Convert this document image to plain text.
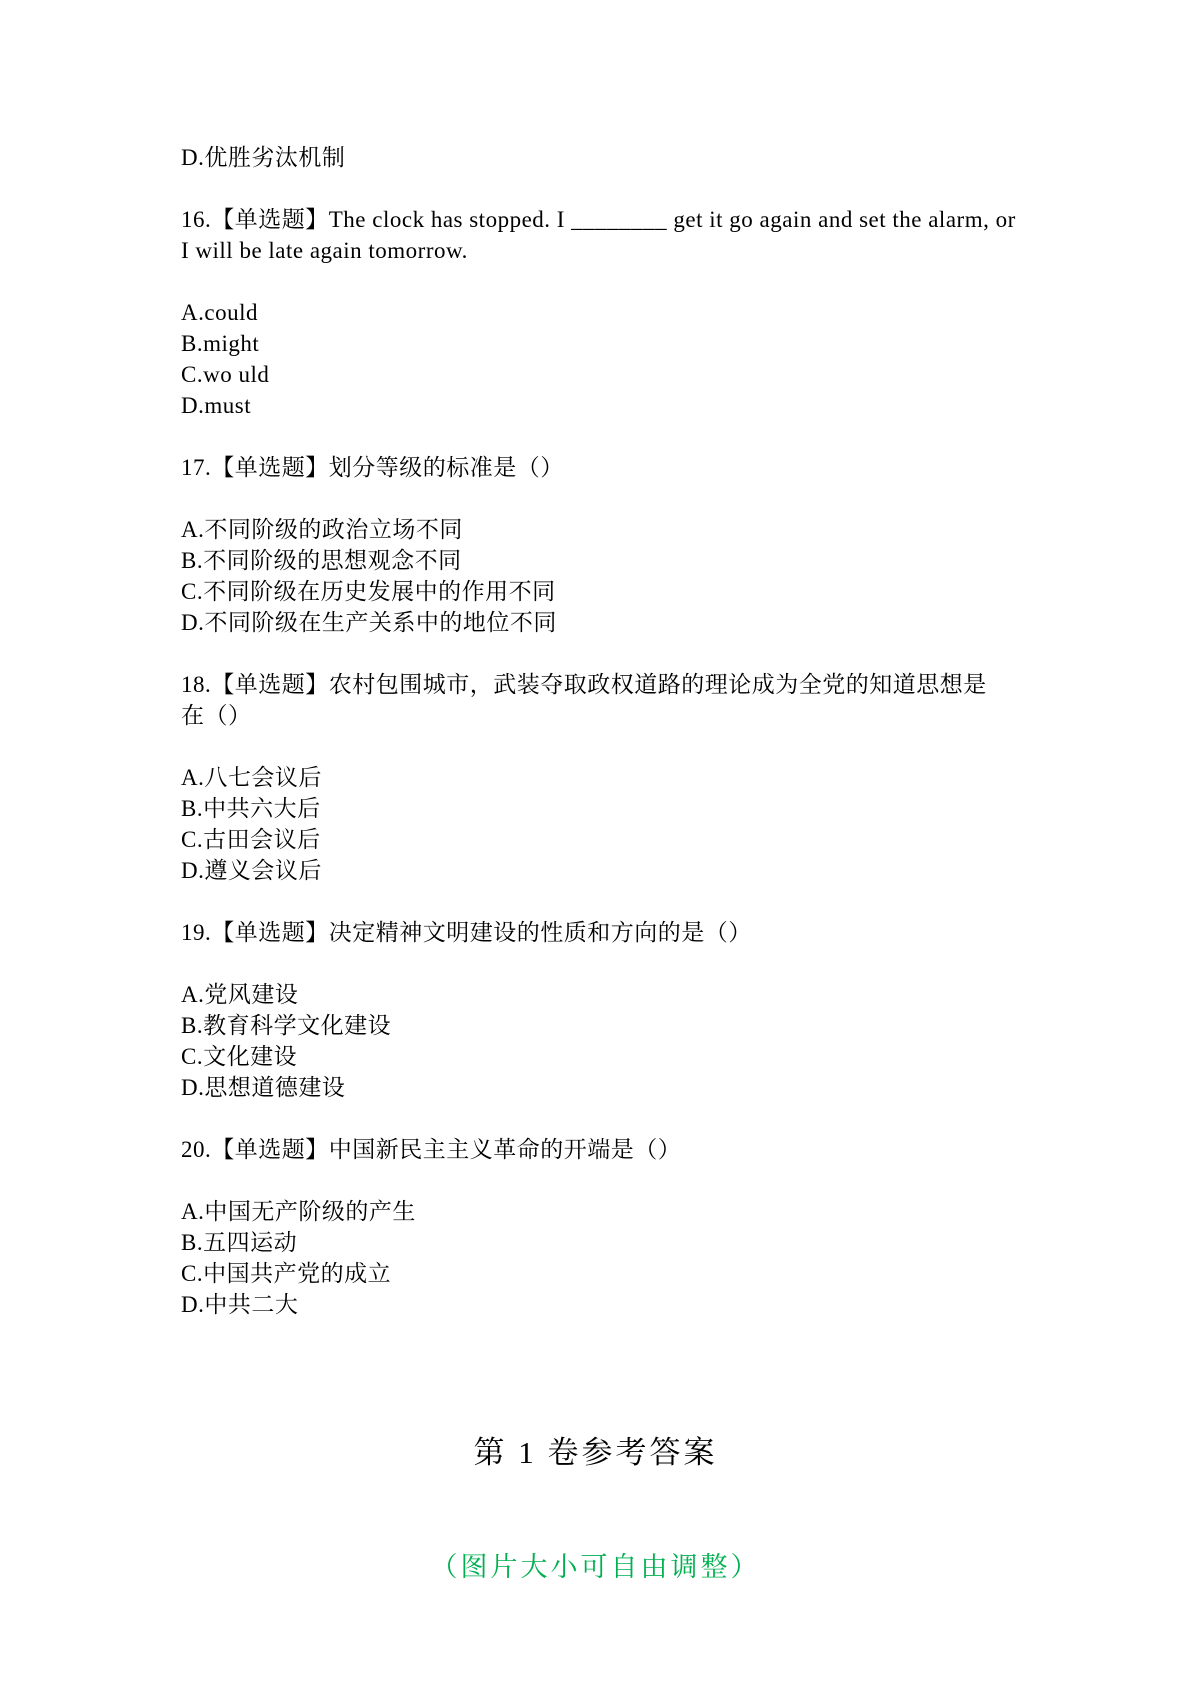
D.优胜劣汰机制
16.【单选题】The clock has stopped. I ________ get it go again and set the alarm, or
I will be late again tomorrow.
A.could
B.might
C.wo uld
D.must
17.【单选题】划分等级的标准是（）
A.不同阶级的政治立场不同
B.不同阶级的思想观念不同
C.不同阶级在历史发展中的作用不同
D.不同阶级在生产关系中的地位不同
18.【单选题】农村包围城市，武装夺取政权道路的理论成为全党的知道思想是
在（）
A.八七会议后
B.中共六大后
C.古田会议后
D.遵义会议后
19.【单选题】决定精神文明建设的性质和方向的是（）
A.党风建设
B.教育科学文化建设
C.文化建设
D.思想道德建设
20.【单选题】中国新民主主义革命的开端是（）
A.中国无产阶级的产生
B.五四运动
C.中国共产党的成立
D.中共二大
第 1 卷参考答案
（图片大小可自由调整）
